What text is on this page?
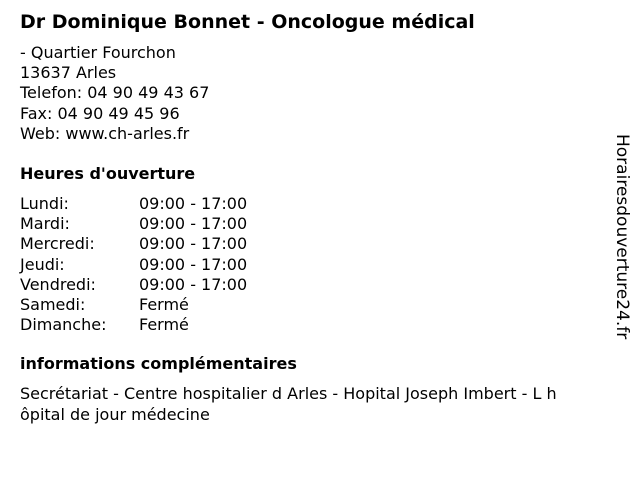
Dr Dominique Bonnet - Oncologue médical
- Quartier Fourchon
13637 Arles
Telefon: 04 90 49 43 67
Fax: 04 90 49 45 96
Web: www.ch-arles.fr
Heures d'ouverture
Lundi:	09:00 - 17:00
Mardi:	09:00 - 17:00
Mercredi:	09:00 - 17:00
Jeudi:	09:00 - 17:00
Vendredi:	09:00 - 17:00
Samedi:	Fermé
Dimanche:	Fermé
informations complémentaires
Secrétariat - Centre hospitalier d Arles - Hopital Joseph Imbert - L h
ôpital de jour médecine
Horairesdouverture24.fr
